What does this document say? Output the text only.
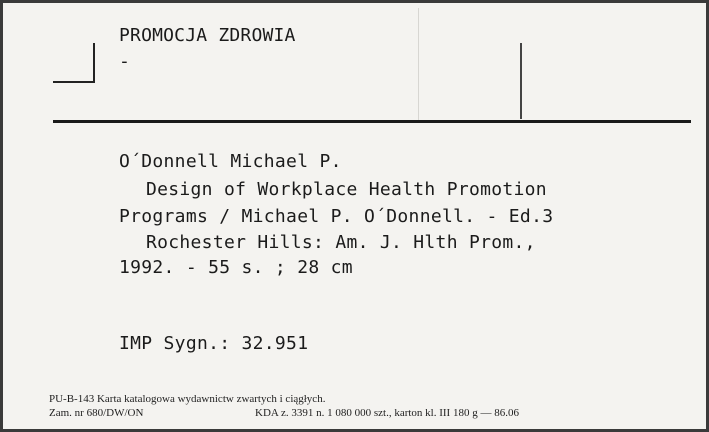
PROMOCJA ZDROWIA
-
O´Donnell Michael P.
Design of Workplace Health Promotion
Programs / Michael P. O´Donnell. - Ed.3
Rochester Hills: Am. J. Hlth Prom.,
1992. - 55 s. ; 28 cm
IMP Sygn.: 32.951
PU-B-143 Karta katalogowa wydawnictw zwartych i ciągłych.
Zam. nr 680/DW/ON	KDA z. 3391 n. 1 080 000 szt., karton kl. III 180 g — 86.06
